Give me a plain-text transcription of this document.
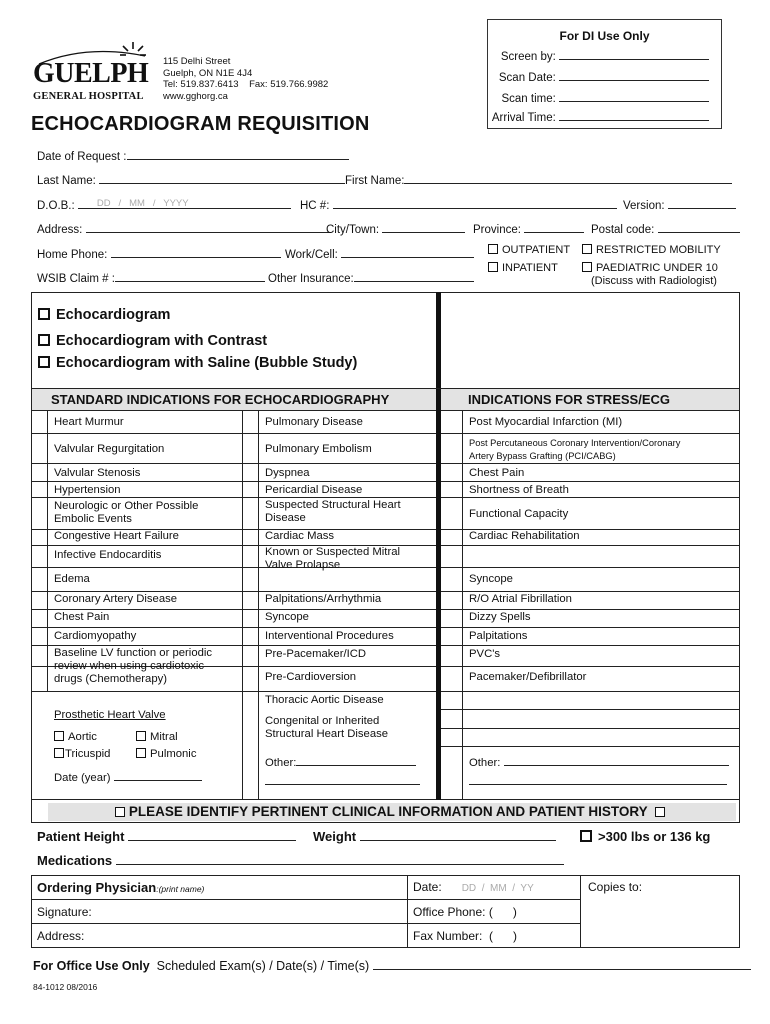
GUELPH
GENERAL HOSPITAL
115 Delhi Street
Guelph, ON N1E 4J4
Tel: 519.837.6413    Fax: 519.766.9982
www.gghorg.ca
ECHOCARDIOGRAM REQUISITION
For DI Use Only
Screen by:
Scan Date:
Scan time:
Arrival Time:
Date of Request :
Last Name:	First Name:
D.O.B.: DD   /   MM   /   YYYY	HC #:	Version:
Address:	City/Town:	Province:	Postal code:
Home Phone:	Work/Cell:
WSIB Claim # :	Other Insurance:
OUTPATIENT
INPATIENT
RESTRICTED MOBILITY
PAEDIATRIC UNDER 10
(Discuss with Radiologist)
Echocardiogram
Echocardiogram with Contrast
Echocardiogram with Saline (Bubble Study)
STANDARD INDICATIONS FOR ECHOCARDIOGRAPHY	INDICATIONS FOR STRESS/ECG
Heart Murmur
Valvular Regurgitation
Valvular Stenosis
Hypertension
Neurologic or Other Possible
Embolic Events
Congestive Heart Failure
Infective Endocarditis
Edema
Coronary Artery Disease
Chest Pain
Cardiomyopathy
Baseline LV function or periodic
review when using cardiotoxic
drugs (Chemotherapy)
Prosthetic Heart Valve
Aortic	Mitral
Tricuspid	Pulmonic
Date (year)
Pulmonary Disease
Pulmonary Embolism
Dyspnea
Pericardial Disease
Suspected Structural Heart
Disease
Cardiac Mass
Known or Suspected Mitral
Valve Prolapse
Palpitations/Arrhythmia
Syncope
Interventional Procedures
Pre-Pacemaker/ICD
Pre-Cardioversion
Thoracic Aortic Disease
Congenital or Inherited
Structural Heart Disease
Other:
Post Myocardial Infarction (MI)
Post Percutaneous Coronary Intervention/Coronary
Artery Bypass Grafting (PCI/CABG)
Chest Pain
Shortness of Breath
Functional Capacity
Cardiac Rehabilitation
Syncope
R/O Atrial Fibrillation
Dizzy Spells
Palpitations
PVC's
Pacemaker/Defibrillator
Other:
PLEASE IDENTIFY PERTINENT CLINICAL INFORMATION AND PATIENT HISTORY
Patient Height	Weight	>300 lbs or 136 kg
Medications
Ordering Physician:(print name)	Date: DD  /  MM  /  YY	Copies to:
Signature:	Office Phone: (      )
Address:	Fax Number:  (      )
For Office Use Only Scheduled Exam(s) / Date(s) / Time(s)
84-1012 08/2016
